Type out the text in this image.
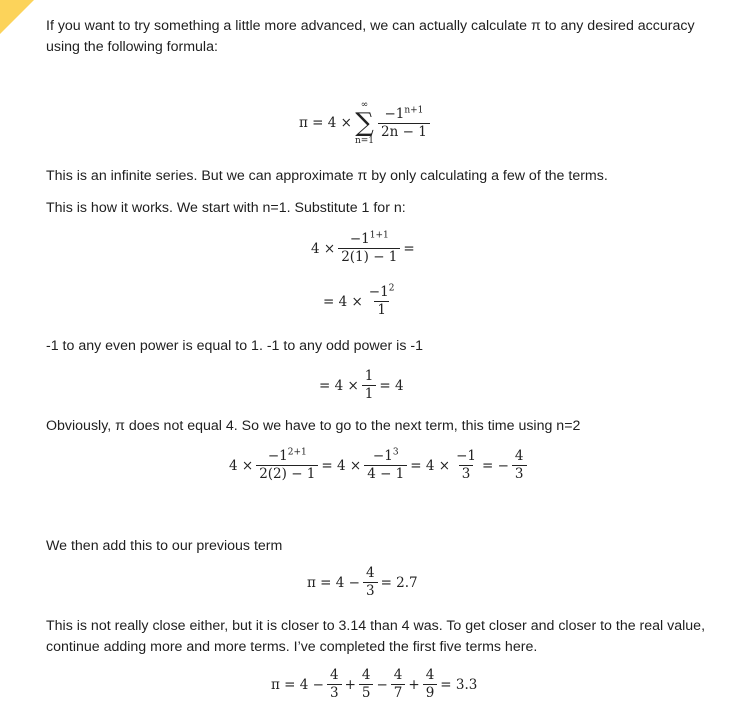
If you want to try something a little more advanced, we can actually calculate π to any desired accuracy using the following formula:

π = 4 ×
∞
∑
n=1
$\frac{-1^{n+1}}{2n - 1}$

This is an infinite series. But we can approximate π by only calculating a few of the terms.

This is how it works. We start with n=1. Substitute 1 for n:

$4 \times \frac{-1^{1+1}}{2(1) - 1}$ =
= $4 \times \frac{-1^2}{1}$

-1 to any even power is equal to 1. -1 to any odd power is -1

= $4 \times \frac{1}{1} = 4$

Obviously, π does not equal 4. So we have to go to the next term, this time using n=2

$4 \times \frac{-1^{2+1}}{2(2) - 1} = 4 \times \frac{-1^3}{4 - 1} = 4 \times \frac{-1}{3}$ = − $\frac{4}{3}$

We then add this to our previous term

$\pi = 4 - \frac{4}{3} = 2.7$

This is not really close either, but it is closer to 3.14 than 4 was. To get closer and closer to the real value, continue adding more and more terms. I’ve completed the first five terms here.

$\pi = 4 - \frac{4}{3} + \frac{4}{5} - \frac{4}{7} + \frac{4}{9} = 3.3$
